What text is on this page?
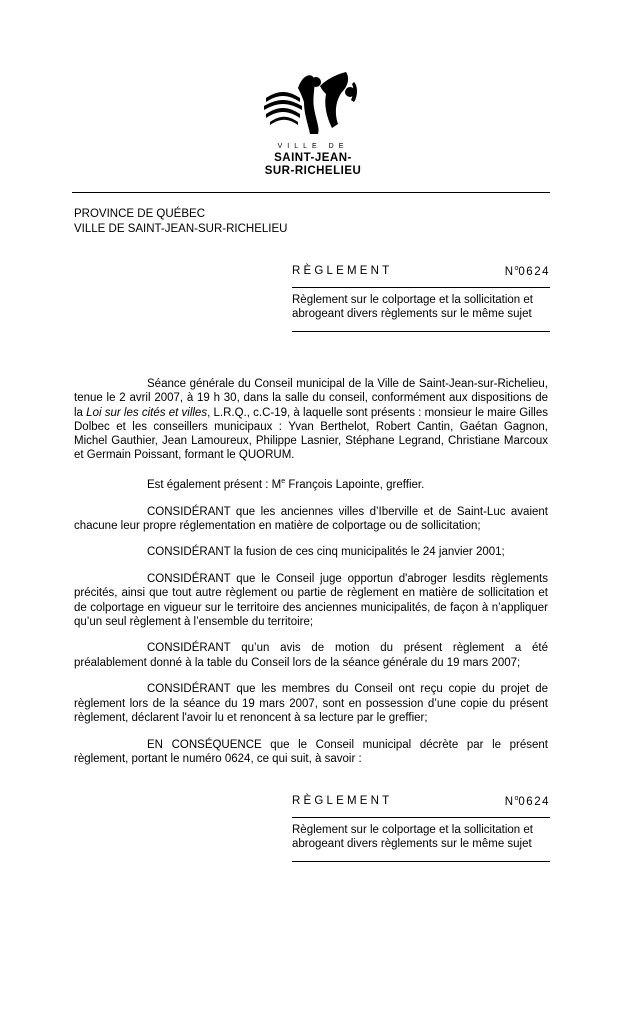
VILLE DE
SAINT-JEAN-
SUR-RICHELIEU
PROVINCE DE QUÉBEC
VILLE DE SAINT-JEAN-SUR-RICHELIEU
RÈGLEMENT	$N^o0624$
Règlement sur le colportage et la sollicitation et
abrogeant divers règlements sur le même sujet

Séance générale du Conseil municipal de la Ville de Saint-Jean-sur-Richelieu, tenue le 2 avril 2007, à 19 h 30, dans la salle du conseil, conformément aux dispositions de la Loi sur les cités et villes, L.R.Q., c.C-19, à laquelle sont présents : monsieur le maire Gilles Dolbec et les conseillers municipaux : Yvan Berthelot, Robert Cantin, Gaétan Gagnon, Michel Gauthier, Jean Lamoureux, Philippe Lasnier, Stéphane Legrand, Christiane Marcoux et Germain Poissant, formant le QUORUM.

Est également présent : Me François Lapointe, greffier.

CONSIDÉRANT que les anciennes villes d’Iberville et de Saint-Luc avaient chacune leur propre réglementation en matière de colportage ou de sollicitation;

CONSIDÉRANT la fusion de ces cinq municipalités le 24 janvier 2001;

CONSIDÉRANT que le Conseil juge opportun d'abroger lesdits règlements précités, ainsi que tout autre règlement ou partie de règlement en matière de sollicitation et de colportage en vigueur sur le territoire des anciennes municipalités, de façon à n’appliquer qu’un seul règlement à l’ensemble du territoire;

CONSIDÉRANT qu’un avis de motion du présent règlement a été préalablement donné à la table du Conseil lors de la séance générale du 19 mars 2007;

CONSIDÉRANT que les membres du Conseil ont reçu copie du projet de règlement lors de la séance du 19 mars 2007, sont en possession d’une copie du présent règlement, déclarent l'avoir lu et renoncent à sa lecture par le greffier;

EN CONSÉQUENCE que le Conseil municipal décrète par le présent règlement, portant le numéro 0624, ce qui suit, à savoir :

RÈGLEMENT	$N^o0624$
Règlement sur le colportage et la sollicitation et
abrogeant divers règlements sur le même sujet
